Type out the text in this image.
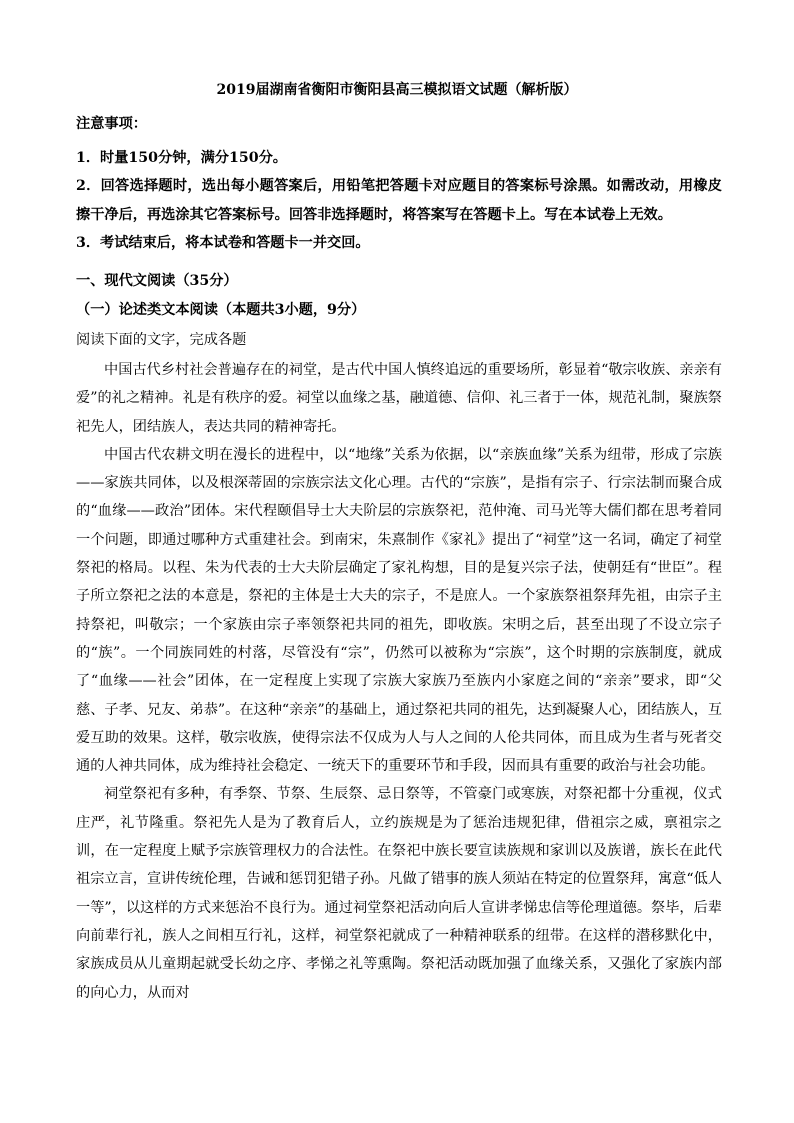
2019届湖南省衡阳市衡阳县高三模拟语文试题（解析版）
注意事项：

1．时量150分钟，满分150分。

2．回答选择题时，选出每小题答案后，用铅笔把答题卡对应题目的答案标号涂黑。如需改动，用橡皮擦干净后，再选涂其它答案标号。回答非选择题时，将答案写在答题卡上。写在本试卷上无效。

3．考试结束后，将本试卷和答题卡一并交回。

一、现代文阅读（35分）
（一）论述类文本阅读（本题共3小题，9分）
阅读下面的文字，完成各题

中国古代乡村社会普遍存在的祠堂，是古代中国人慎终追远的重要场所，彰显着“敬宗收族、亲亲有爱”的礼之精神。礼是有秩序的爱。祠堂以血缘之基，融道德、信仰、礼三者于一体，规范礼制，聚族祭祀先人，团结族人，表达共同的精神寄托。

中国古代农耕文明在漫长的进程中，以“地缘”关系为依据，以“亲族血缘”关系为纽带，形成了宗族——家族共同体，以及根深蒂固的宗族宗法文化心理。古代的“宗族”，是指有宗子、行宗法制而聚合成的“血缘——政治”团体。宋代程颐倡导士大夫阶层的宗族祭祀，范仲淹、司马光等大儒们都在思考着同一个问题，即通过哪种方式重建社会。到南宋，朱熹制作《家礼》提出了“祠堂”这一名词，确定了祠堂祭祀的格局。以程、朱为代表的士大夫阶层确定了家礼构想，目的是复兴宗子法，使朝廷有“世臣”。程子所立祭祀之法的本意是，祭祀的主体是士大夫的宗子，不是庶人。一个家族祭祖祭拜先祖，由宗子主持祭祀，叫敬宗；一个家族由宗子率领祭祀共同的祖先，即收族。宋明之后，甚至出现了不设立宗子的“族”。一个同族同姓的村落，尽管没有“宗”，仍然可以被称为“宗族”，这个时期的宗族制度，就成了“血缘——社会”团体，在一定程度上实现了宗族大家族乃至族内小家庭之间的“亲亲”要求，即“父慈、子孝、兄友、弟恭”。在这种“亲亲”的基础上，通过祭祀共同的祖先，达到凝聚人心，团结族人，互爱互助的效果。这样，敬宗收族，使得宗法不仅成为人与人之间的人伦共同体，而且成为生者与死者交通的人神共同体，成为维持社会稳定、一统天下的重要环节和手段，因而具有重要的政治与社会功能。

祠堂祭祀有多种，有季祭、节祭、生辰祭、忌日祭等，不管豪门或寒族，对祭祀都十分重视，仪式庄严，礼节隆重。祭祀先人是为了教育后人，立约族规是为了惩治违规犯律，借祖宗之威，禀祖宗之训，在一定程度上赋予宗族管理权力的合法性。在祭祀中族长要宣读族规和家训以及族谱，族长在此代祖宗立言，宣讲传统伦理，告诫和惩罚犯错子孙。凡做了错事的族人须站在特定的位置祭拜，寓意“低人一等”，以这样的方式来惩治不良行为。通过祠堂祭祀活动向后人宣讲孝悌忠信等伦理道德。祭毕，后辈向前辈行礼，族人之间相互行礼，这样，祠堂祭祀就成了一种精神联系的纽带。在这样的潜移默化中，家族成员从儿童期起就受长幼之序、孝悌之礼等熏陶。祭祀活动既加强了血缘关系，又强化了家族内部的向心力，从而对
